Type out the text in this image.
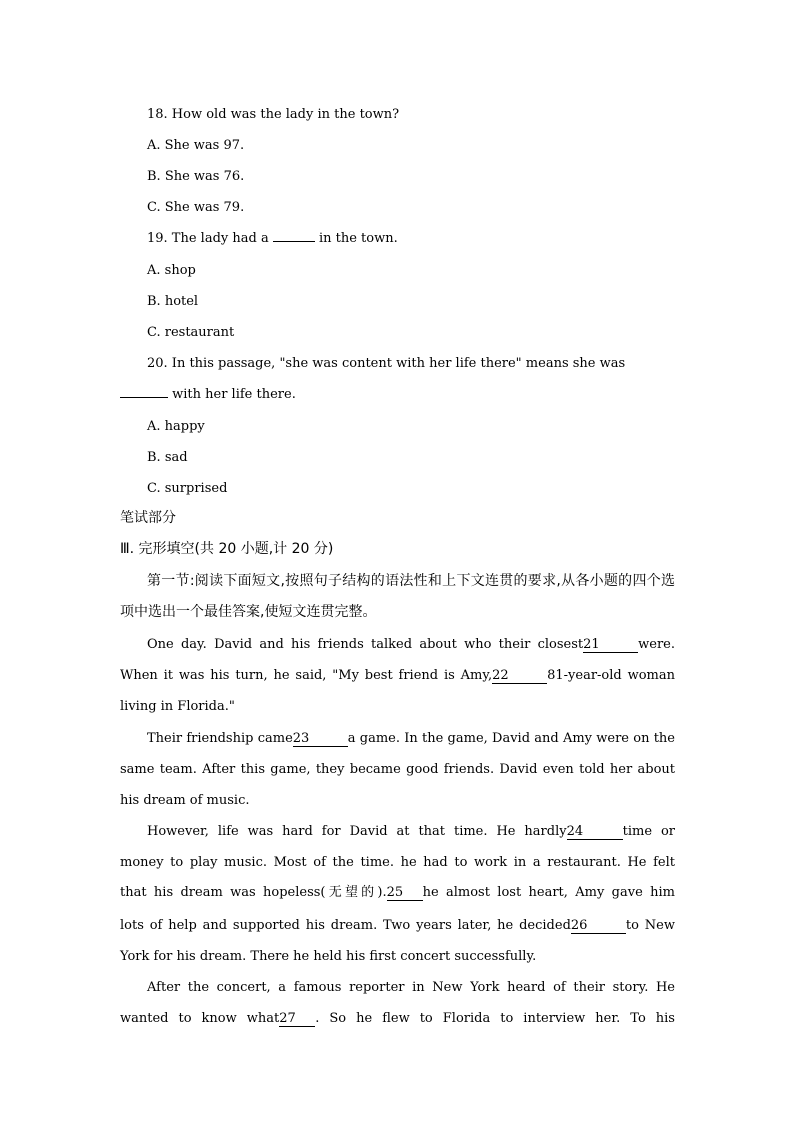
18. How old was the lady in the town?
A. She was 97.
B. She was 76.
C. She was 79.
19. The lady had a	in the town.
A. shop
B. hotel
C. restaurant
20. In this passage, "she was content with her life there" means she was
with her life there.
A. happy
B. sad
C. surprised
笔试部分
Ⅲ. 完形填空(共 20 小题,计 20 分)
第一节:阅读下面短文,按照句子结构的语法性和上下文连贯的要求,从各小题的四个选
项中选出一个最佳答案,使短文连贯完整。
One day. David and his friends talked about who their closest21	were.
When it was his turn, he said, "My best friend is Amy,22	81-year-old woman
living in Florida."
Their friendship came23	a game. In the game, David and Amy were on the
same team. After this game, they became good friends. David even told her about
his dream of music.
However, life was hard for David at that time. He hardly24	time or
money to play music. Most of the time. he had to work in a restaurant. He felt
that his dream was hopeless(无望的).25 he almost lost heart, Amy gave him
lots of help and supported his dream. Two years later, he decided26	to New
York for his dream. There he held his first concert successfully.
After the concert, a famous reporter in New York heard of their story. He
wanted to know what27 . So he flew to Florida to interview her. To his
